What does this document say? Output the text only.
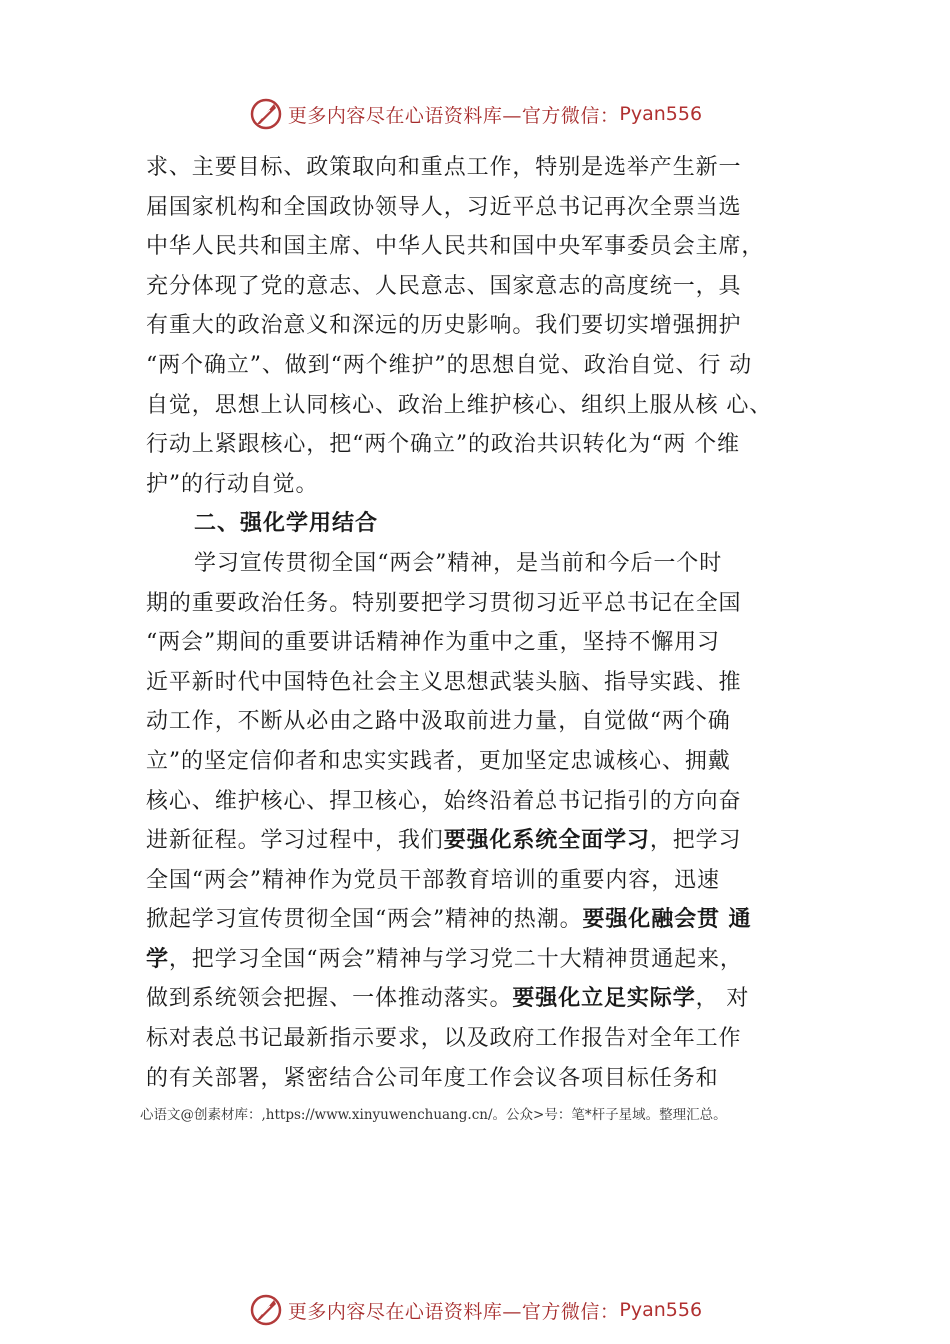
更多内容尽在心语资料库—官方微信： Pyan556
求、主要目标、政策取向和重点工作，特别是选举产生新一
届国家机构和全国政协领导人，习近平总书记再次全票当选
中华人民共和国主席、中华人民共和国中央军事委员会主席，
充分体现了党的意志、人民意志、国家意志的高度统一，具
有重大的政治意义和深远的历史影响。我们要切实增强拥护
“两个确立”、做到“两个维护”的思想自觉、政治自觉、行 动
自觉，思想上认同核心、政治上维护核心、组织上服从核 心、
行动上紧跟核心，把“两个确立”的政治共识转化为“两 个维
护”的行动自觉。
二、强化学用结合
学习宣传贯彻全国“两会”精神，是当前和今后一个时
期的重要政治任务。特别要把学习贯彻习近平总书记在全国
“两会”期间的重要讲话精神作为重中之重，坚持不懈用习
近平新时代中国特色社会主义思想武装头脑、指导实践、推
动工作，不断从必由之路中汲取前进力量，自觉做“两个确
立”的坚定信仰者和忠实实践者，更加坚定忠诚核心、拥戴
核心、维护核心、捍卫核心，始终沿着总书记指引的方向奋
进新征程。学习过程中，我们要强化系统全面学习，把学习
全国“两会”精神作为党员干部教育培训的重要内容，迅速
掀起学习宣传贯彻全国“两会”精神的热潮。要强化融会贯 通
学，把学习全国“两会”精神与学习党二十大精神贯通起来，
做到系统领会把握、一体推动落实。要强化立足实际学， 对
标对表总书记最新指示要求，以及政府工作报告对全年工作
的有关部署，紧密结合公司年度工作会议各项目标任务和
心语文@创素材库：,https://www.xinyuwenchuang.cn/。公众>号：笔*杆子星域。整理汇总。
更多内容尽在心语资料库—官方微信： Pyan556
